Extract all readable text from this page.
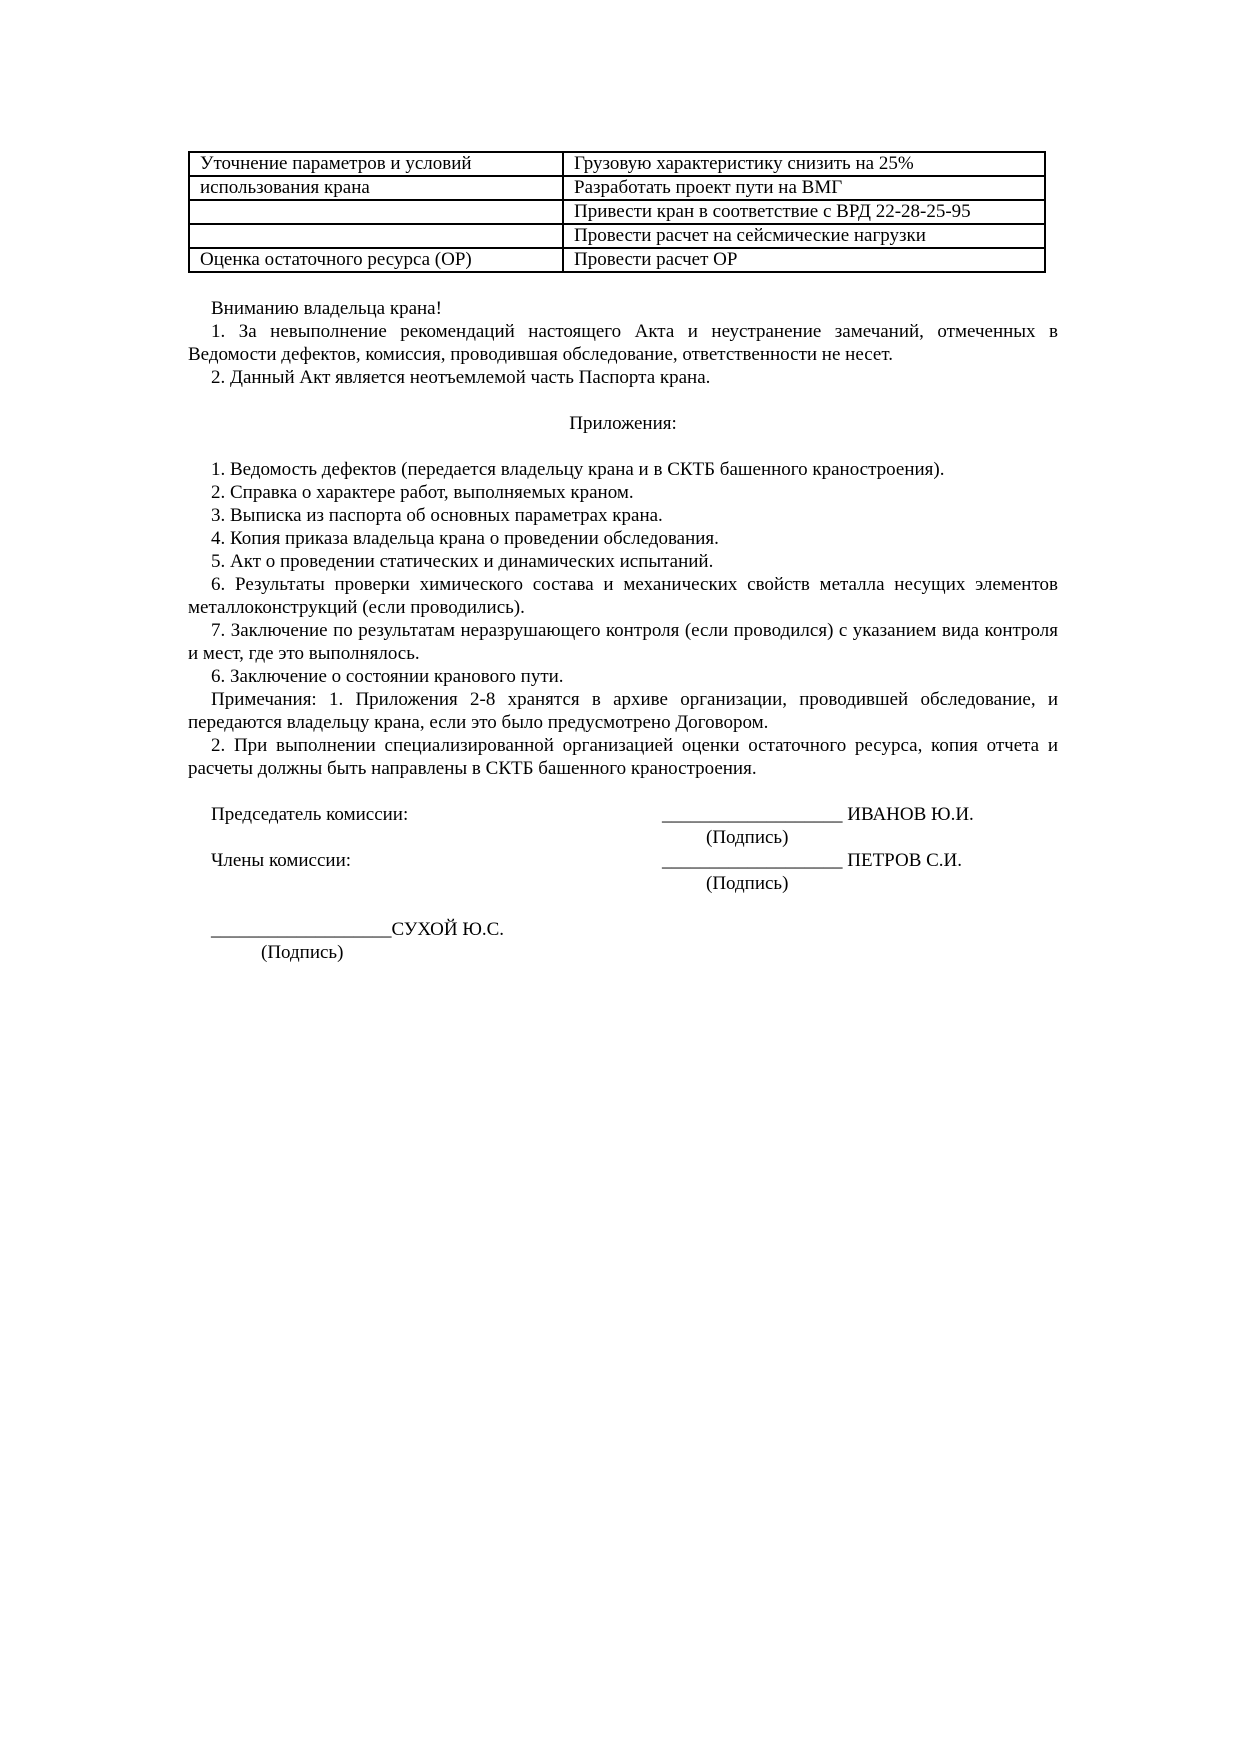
Уточнение параметров и условий	Грузовую характеристику снизить на 25%
использования крана	Разработать проект пути на ВМГ
	Привести кран в соответствие с ВРД 22-28-25-95
	Провести расчет на сейсмические нагрузки
Оценка остаточного ресурса (ОР)	Провести расчет ОР

Вниманию владельца крана!

1. За невыполнение рекомендаций настоящего Акта и неустранение замечаний, отмеченных в Ведомости дефектов, комиссия, проводившая обследование, ответственности не несет.

2. Данный Акт является неотъемлемой часть Паспорта крана.

Приложения:

1. Ведомость дефектов (передается владельцу крана и в СКТБ башенного краностроения).

2. Справка о характере работ, выполняемых краном.

3. Выписка из паспорта об основных параметрах крана.

4. Копия приказа владельца крана о проведении обследования.

5. Акт о проведении статических и динамических испытаний.

6. Результаты проверки химического состава и механических свойств металла несущих элементов металлоконструкций (если проводились).

7. Заключение по результатам неразрушающего контроля (если проводился) с указанием вида контроля и мест, где это выполнялось.

6. Заключение о состоянии кранового пути.

Примечания: 1. Приложения 2-8 хранятся в архиве организации, проводившей обследование, и передаются владельцу крана, если это было предусмотрено Договором.

2. При выполнении специализированной организацией оценки остаточного ресурса, копия отчета и расчеты должны быть направлены в СКТБ башенного краностроения.

Председатель комиссии:	___________________ ИВАНОВ Ю.И.
(Подпись)
Члены комиссии:	___________________ ПЕТРОВ С.И.
(Подпись)
___________________СУХОЙ Ю.С.
(Подпись)
